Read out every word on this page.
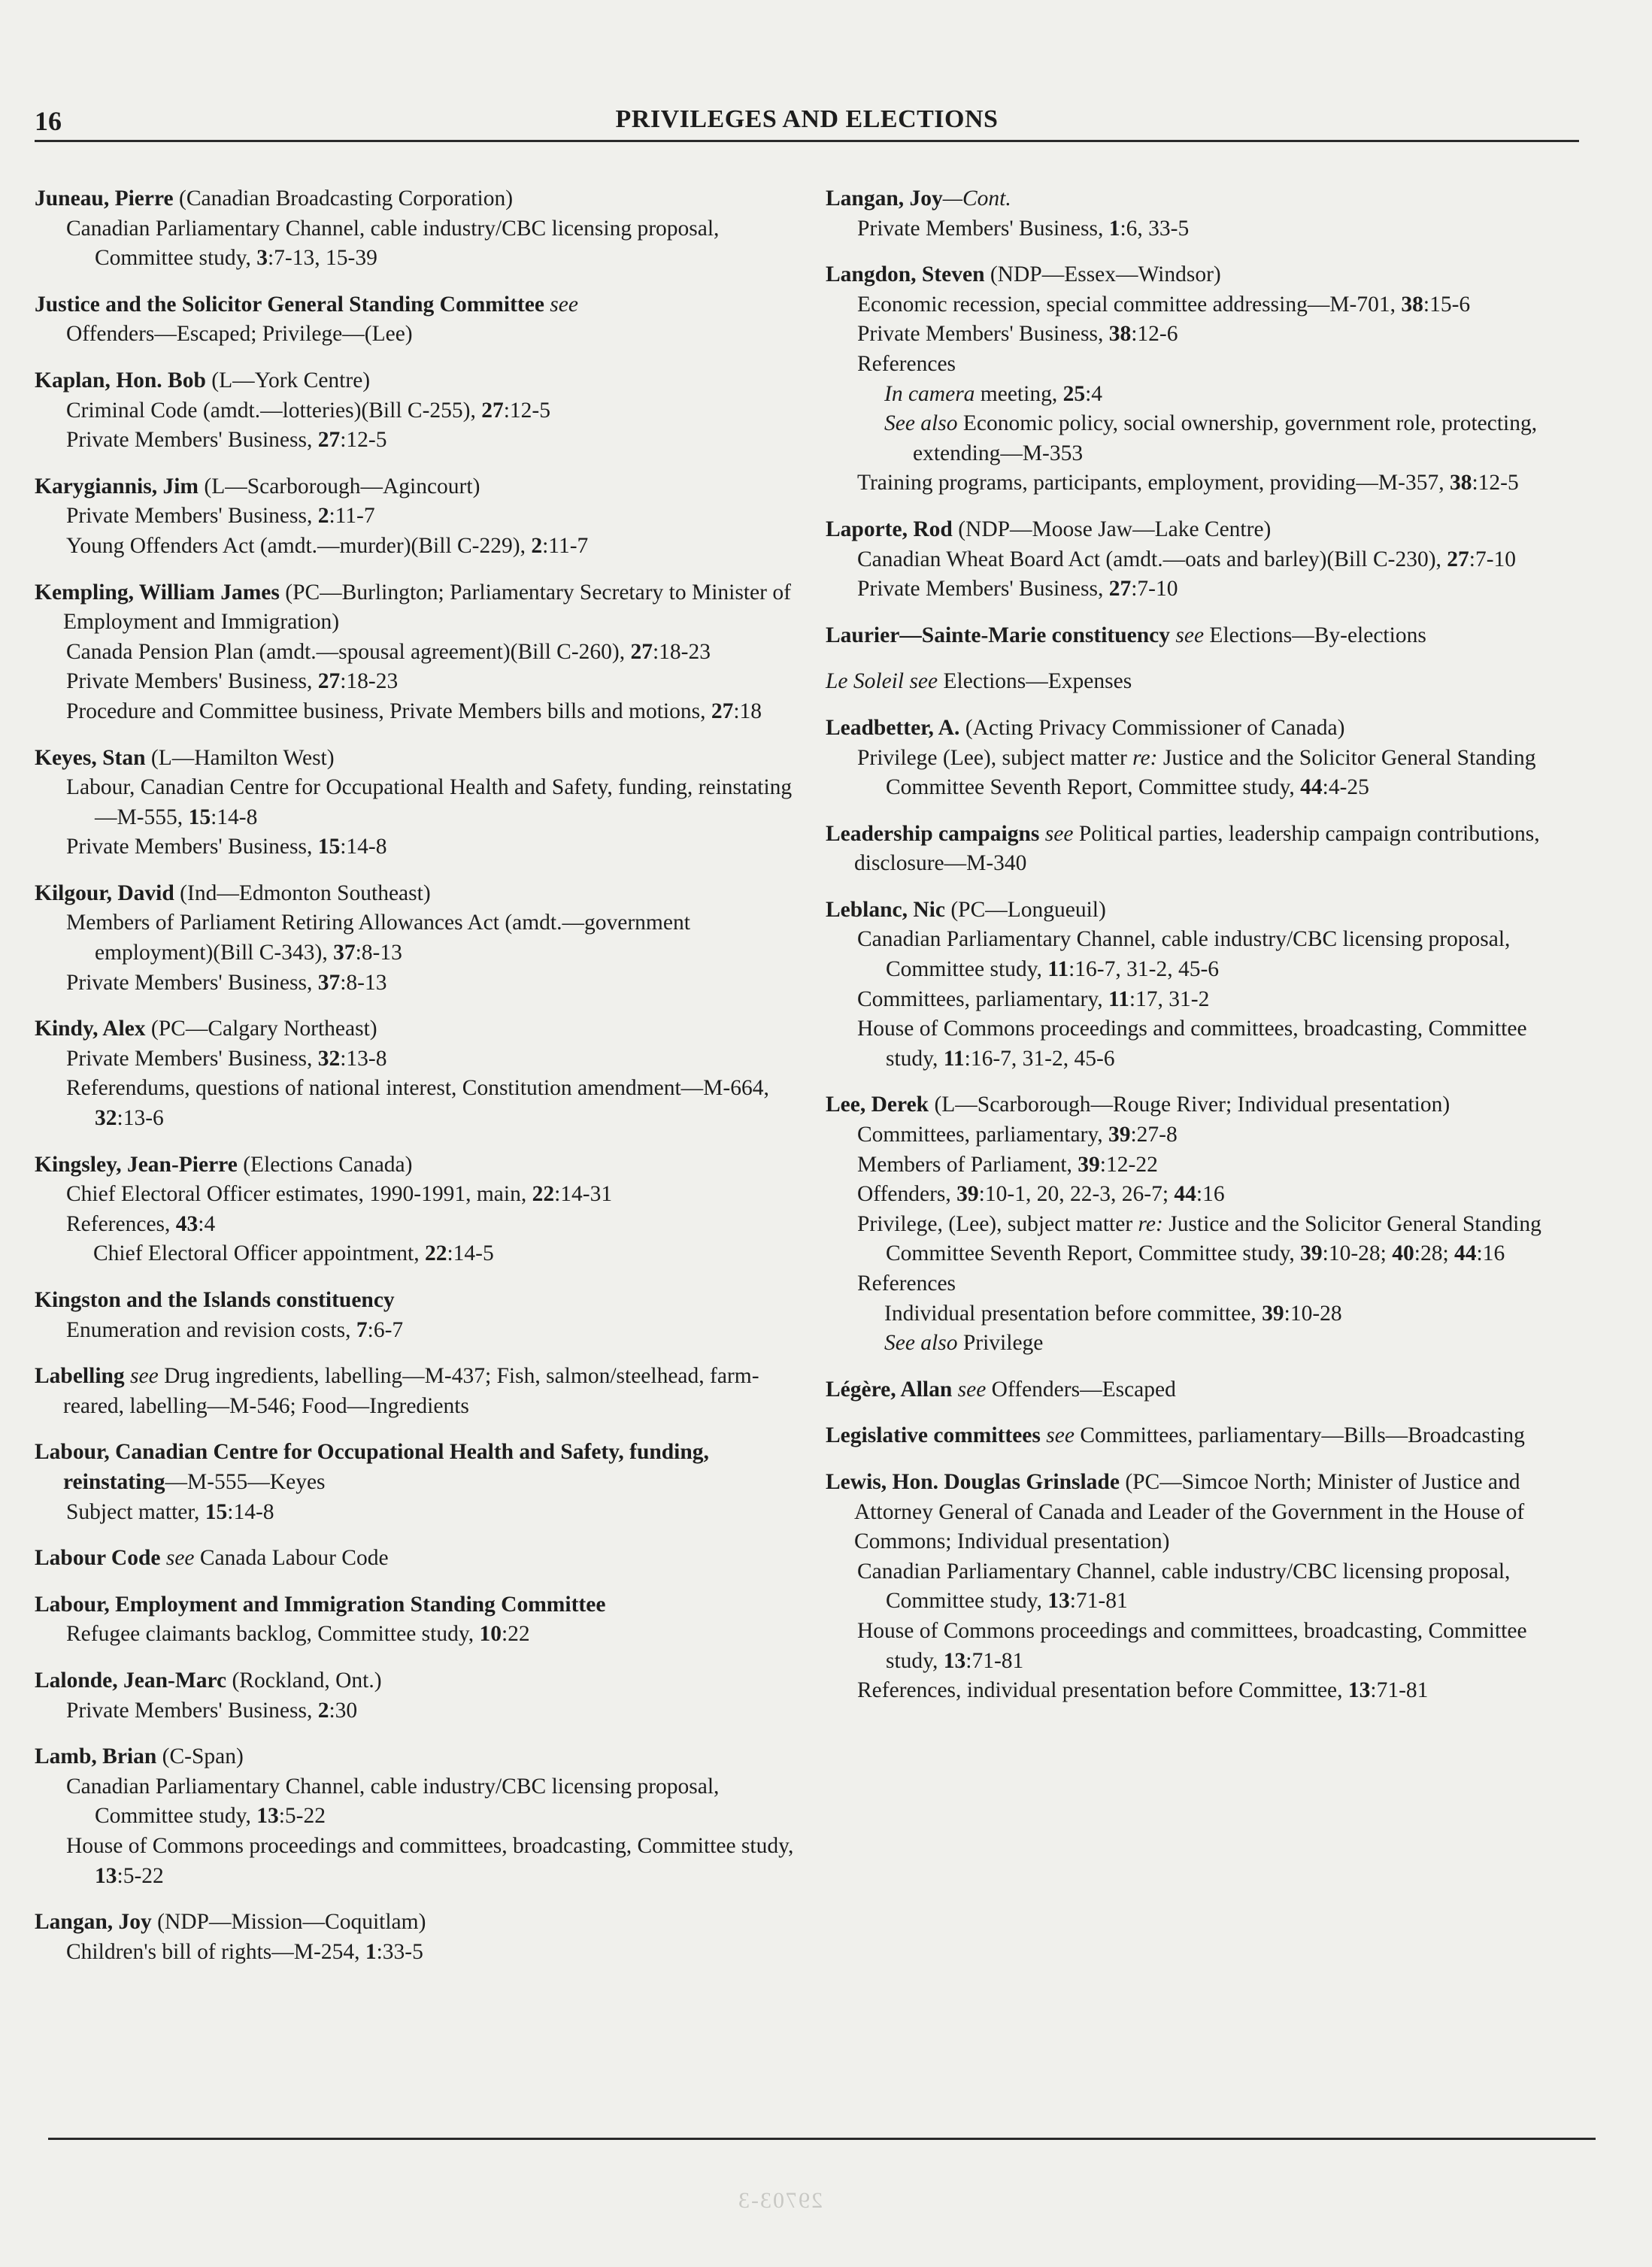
16	PRIVILEGES AND ELECTIONS
Juneau, Pierre (Canadian Broadcasting Corporation)
Canadian Parliamentary Channel, cable industry/CBC licensing proposal, Committee study, 3:7-13, 15-39
Justice and the Solicitor General Standing Committee see
Offenders—Escaped; Privilege—(Lee)
Kaplan, Hon. Bob (L—York Centre)
Criminal Code (amdt.—lotteries)(Bill C-255), 27:12-5
Private Members' Business, 27:12-5
Karygiannis, Jim (L—Scarborough—Agincourt)
Private Members' Business, 2:11-7
Young Offenders Act (amdt.—murder)(Bill C-229), 2:11-7
Kempling, William James (PC—Burlington; Parliamentary Secretary to Minister of Employment and Immigration)
Canada Pension Plan (amdt.—spousal agreement)(Bill C-260), 27:18-23
Private Members' Business, 27:18-23
Procedure and Committee business, Private Members bills and motions, 27:18
Keyes, Stan (L—Hamilton West)
Labour, Canadian Centre for Occupational Health and Safety, funding, reinstating—M-555, 15:14-8
Private Members' Business, 15:14-8
Kilgour, David (Ind—Edmonton Southeast)
Members of Parliament Retiring Allowances Act (amdt.—government employment)(Bill C-343), 37:8-13
Private Members' Business, 37:8-13
Kindy, Alex (PC—Calgary Northeast)
Private Members' Business, 32:13-8
Referendums, questions of national interest, Constitution amendment—M-664, 32:13-6
Kingsley, Jean-Pierre (Elections Canada)
Chief Electoral Officer estimates, 1990-1991, main, 22:14-31
References, 43:4
Chief Electoral Officer appointment, 22:14-5
Kingston and the Islands constituency
Enumeration and revision costs, 7:6-7
Labelling see Drug ingredients, labelling—M-437; Fish, salmon/steelhead, farm-reared, labelling—M-546; Food—Ingredients
Labour, Canadian Centre for Occupational Health and Safety, funding, reinstating—M-555—Keyes
Subject matter, 15:14-8
Labour Code see Canada Labour Code
Labour, Employment and Immigration Standing Committee
Refugee claimants backlog, Committee study, 10:22
Lalonde, Jean-Marc (Rockland, Ont.)
Private Members' Business, 2:30
Lamb, Brian (C-Span)
Canadian Parliamentary Channel, cable industry/CBC licensing proposal, Committee study, 13:5-22
House of Commons proceedings and committees, broadcasting, Committee study, 13:5-22
Langan, Joy (NDP—Mission—Coquitlam)
Children's bill of rights—M-254, 1:33-5
Langan, Joy—Cont.
Private Members' Business, 1:6, 33-5
Langdon, Steven (NDP—Essex—Windsor)
Economic recession, special committee addressing—M-701, 38:15-6
Private Members' Business, 38:12-6
References
In camera meeting, 25:4
See also Economic policy, social ownership, government role, protecting, extending—M-353
Training programs, participants, employment, providing—M-357, 38:12-5
Laporte, Rod (NDP—Moose Jaw—Lake Centre)
Canadian Wheat Board Act (amdt.—oats and barley)(Bill C-230), 27:7-10
Private Members' Business, 27:7-10
Laurier—Sainte-Marie constituency see Elections—By-elections
Le Soleil see Elections—Expenses
Leadbetter, A. (Acting Privacy Commissioner of Canada)
Privilege (Lee), subject matter re: Justice and the Solicitor General Standing Committee Seventh Report, Committee study, 44:4-25
Leadership campaigns see Political parties, leadership campaign contributions, disclosure—M-340
Leblanc, Nic (PC—Longueuil)
Canadian Parliamentary Channel, cable industry/CBC licensing proposal, Committee study, 11:16-7, 31-2, 45-6
Committees, parliamentary, 11:17, 31-2
House of Commons proceedings and committees, broadcasting, Committee study, 11:16-7, 31-2, 45-6
Lee, Derek (L—Scarborough—Rouge River; Individual presentation)
Committees, parliamentary, 39:27-8
Members of Parliament, 39:12-22
Offenders, 39:10-1, 20, 22-3, 26-7; 44:16
Privilege, (Lee), subject matter re: Justice and the Solicitor General Standing Committee Seventh Report, Committee study, 39:10-28; 40:28; 44:16
References
Individual presentation before committee, 39:10-28
See also Privilege
Légère, Allan see Offenders—Escaped
Legislative committees see Committees, parliamentary—Bills—Broadcasting
Lewis, Hon. Douglas Grinslade (PC—Simcoe North; Minister of Justice and Attorney General of Canada and Leader of the Government in the House of Commons; Individual presentation)
Canadian Parliamentary Channel, cable industry/CBC licensing proposal, Committee study, 13:71-81
House of Commons proceedings and committees, broadcasting, Committee study, 13:71-81
References, individual presentation before Committee, 13:71-81
29703-3
